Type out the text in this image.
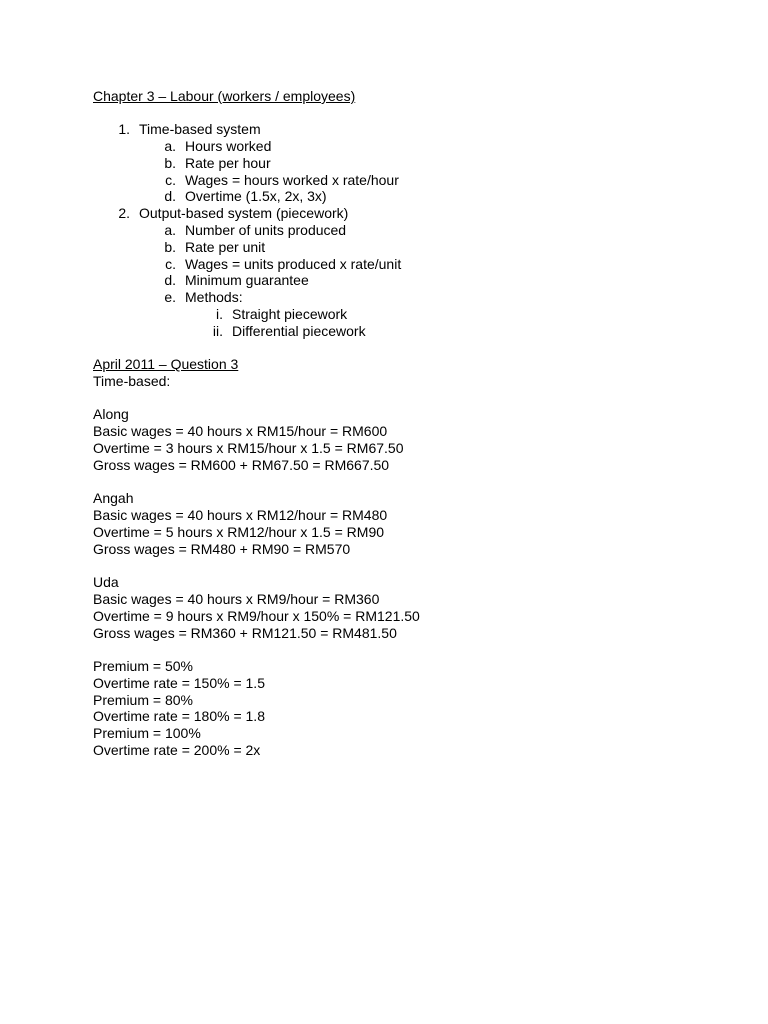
Chapter 3 – Labour (workers / employees)
1. Time-based system
a. Hours worked
b. Rate per hour
c. Wages = hours worked x rate/hour
d. Overtime (1.5x, 2x, 3x)
2. Output-based system (piecework)
a. Number of units produced
b. Rate per unit
c. Wages = units produced x rate/unit
d. Minimum guarantee
e. Methods:
i. Straight piecework
ii. Differential piecework
April 2011 – Question 3
Time-based:
Along
Basic wages = 40 hours x RM15/hour = RM600
Overtime = 3 hours x RM15/hour x 1.5 = RM67.50
Gross wages = RM600 + RM67.50 = RM667.50
Angah
Basic wages = 40 hours x RM12/hour = RM480
Overtime = 5 hours x RM12/hour x 1.5 = RM90
Gross wages = RM480 + RM90 = RM570
Uda
Basic wages = 40 hours x RM9/hour = RM360
Overtime = 9 hours x RM9/hour x 150% = RM121.50
Gross wages = RM360 + RM121.50 = RM481.50
Premium = 50%
Overtime rate = 150% = 1.5
Premium = 80%
Overtime rate = 180% = 1.8
Premium = 100%
Overtime rate = 200% = 2x
